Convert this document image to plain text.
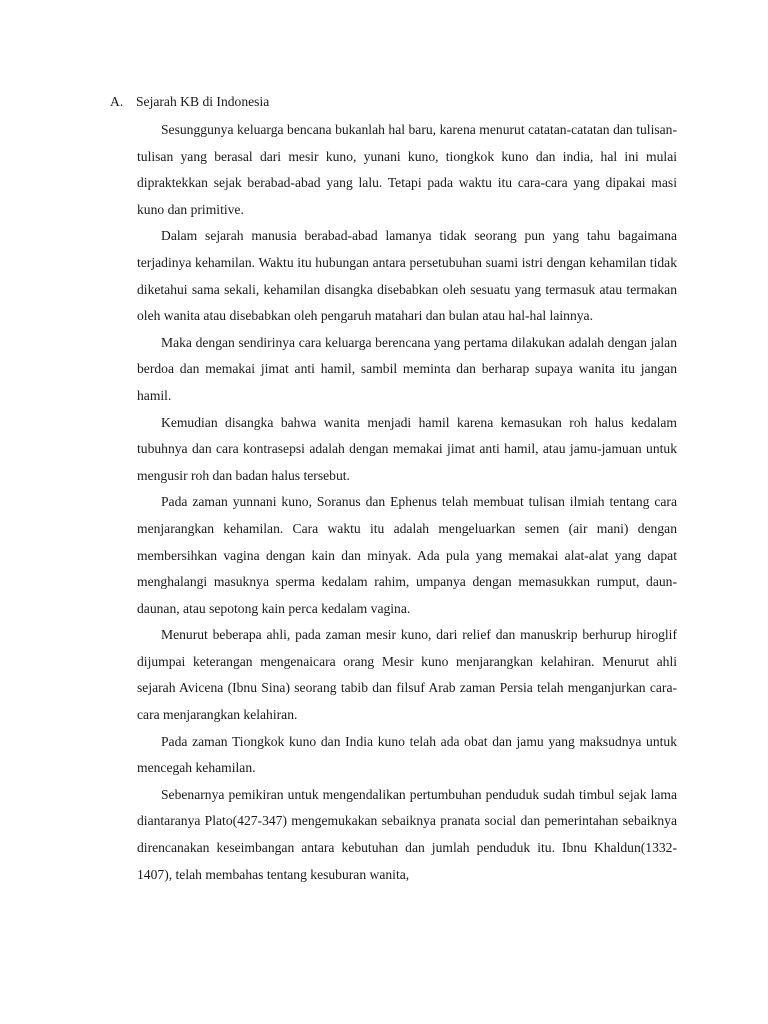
A. Sejarah KB di Indonesia

Sesunggunya keluarga bencana bukanlah hal baru, karena menurut catatan-catatan dan tulisan-tulisan yang berasal dari mesir kuno, yunani kuno, tiongkok kuno dan india, hal ini mulai dipraktekkan sejak berabad-abad yang lalu. Tetapi pada waktu itu cara-cara yang dipakai masi kuno dan primitive.

Dalam sejarah manusia berabad-abad lamanya tidak seorang pun yang tahu bagaimana terjadinya kehamilan. Waktu itu hubungan antara persetubuhan suami istri dengan kehamilan tidak diketahui sama sekali, kehamilan disangka disebabkan oleh sesuatu yang termasuk atau termakan oleh wanita atau disebabkan oleh pengaruh matahari dan bulan atau hal-hal lainnya.

Maka dengan sendirinya cara keluarga berencana yang pertama dilakukan adalah dengan jalan berdoa dan memakai jimat anti hamil, sambil meminta dan berharap supaya wanita itu jangan hamil.

Kemudian disangka bahwa wanita menjadi hamil karena kemasukan roh halus kedalam tubuhnya dan cara kontrasepsi adalah dengan memakai jimat anti hamil, atau jamu-jamuan untuk mengusir roh dan badan halus tersebut.

Pada zaman yunnani kuno, Soranus dan Ephenus telah membuat tulisan ilmiah tentang cara menjarangkan kehamilan. Cara waktu itu adalah mengeluarkan semen (air mani) dengan membersihkan vagina dengan kain dan minyak. Ada pula yang memakai alat-alat yang dapat menghalangi masuknya sperma kedalam rahim, umpanya dengan memasukkan rumput, daun-daunan, atau sepotong kain perca kedalam vagina.

Menurut beberapa ahli, pada zaman mesir kuno, dari relief dan manuskrip berhurup hiroglif dijumpai keterangan mengenaicara orang Mesir kuno menjarangkan kelahiran. Menurut ahli sejarah Avicena (Ibnu Sina) seorang tabib dan filsuf Arab zaman Persia telah menganjurkan cara-cara menjarangkan kelahiran.

Pada zaman Tiongkok kuno dan India kuno telah ada obat dan jamu yang maksudnya untuk mencegah kehamilan.

Sebenarnya pemikiran untuk mengendalikan pertumbuhan penduduk sudah timbul sejak lama diantaranya Plato(427-347) mengemukakan sebaiknya pranata social dan pemerintahan sebaiknya direncanakan keseimbangan antara kebutuhan dan jumlah penduduk itu. Ibnu Khaldun(1332-1407), telah membahas tentang kesuburan wanita,
